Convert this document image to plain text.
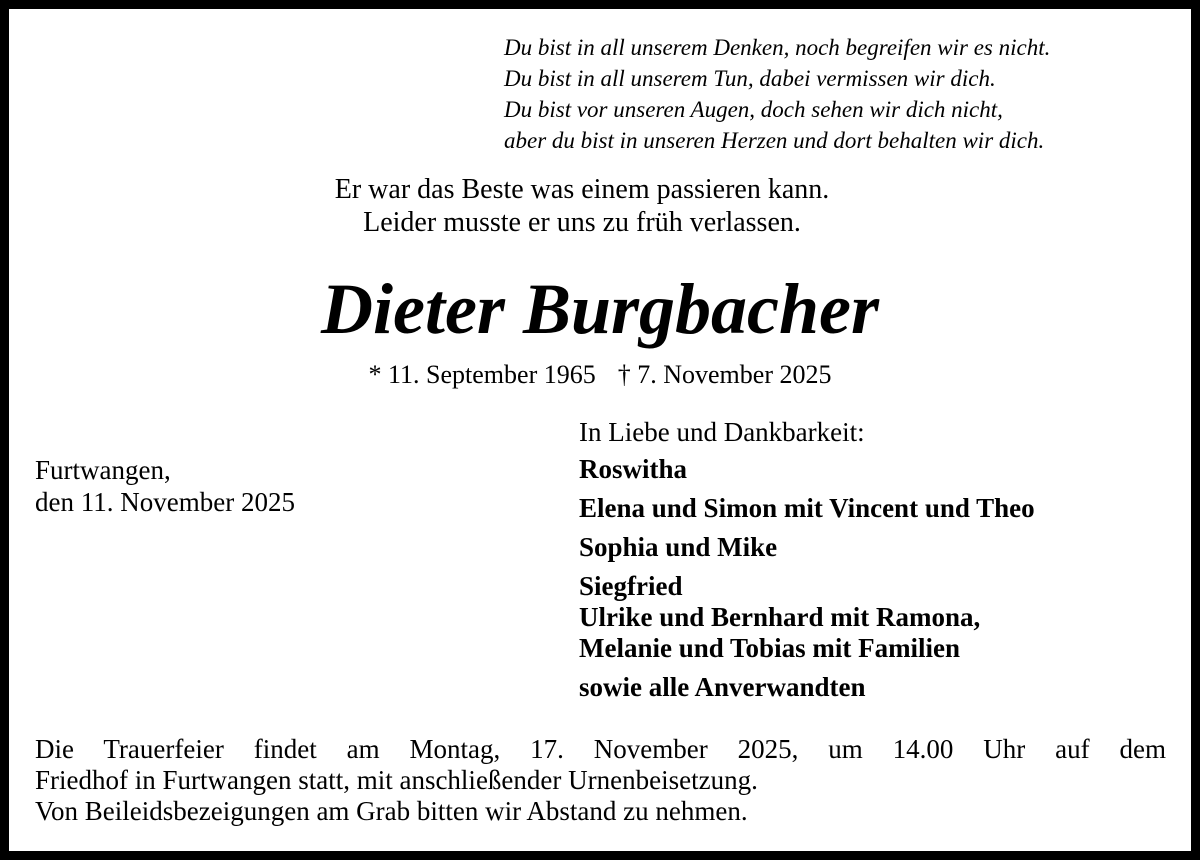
Du bist in all unserem Denken, noch begreifen wir es nicht.
Du bist in all unserem Tun, dabei vermissen wir dich.
Du bist vor unseren Augen, doch sehen wir dich nicht,
aber du bist in unseren Herzen und dort behalten wir dich.
Er war das Beste was einem passieren kann.
Leider musste er uns zu früh verlassen.
Dieter Burgbacher
* 11. September 1965 † 7. November 2025
Furtwangen,
den 11. November 2025
In Liebe und Dankbarkeit:
Roswitha
Elena und Simon mit Vincent und Theo
Sophia und Mike
Siegfried
Ulrike und Bernhard mit Ramona,
Melanie und Tobias mit Familien
sowie alle Anverwandten
Die Trauerfeier findet am Montag, 17. November 2025, um 14.00 Uhr auf dem
Friedhof in Furtwangen statt, mit anschließender Urnenbeisetzung.
Von Beileidsbezeigungen am Grab bitten wir Abstand zu nehmen.
